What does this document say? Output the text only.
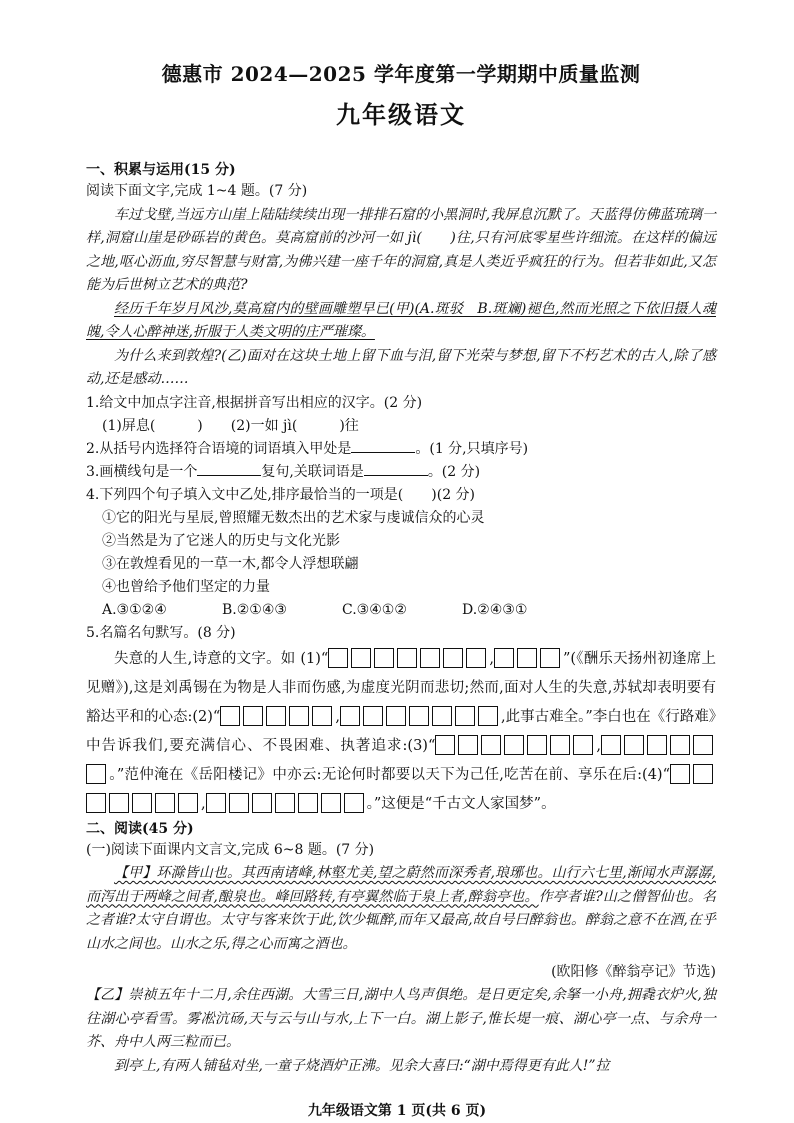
德惠市 2024—2025 学年度第一学期期中质量监测
九年级语文

一、积累与运用(15 分)

阅读下面文字,完成 1~4 题。(7 分)

车过戈壁,当远方山崖上陆陆续续出现一排排石窟的小黑洞时,我屏息沉默了。天蓝得仿佛蓝琉璃一样,洞窟山崖是砂砾岩的黄色。莫高窟前的沙河一如 jì(　　)往,只有河底零星些许细流。在这样的偏远之地,呕心沥血,穷尽智慧与财富,为佛兴建一座千年的洞窟,真是人类近乎疯狂的行为。但若非如此,又怎能为后世树立艺术的典范?

经历千年岁月风沙,莫高窟内的壁画雕塑早已(甲)(A.斑驳　B.斑斓)褪色,然而光照之下依旧摄人魂魄,令人心醉神迷,折服于人类文明的庄严璀璨。

为什么来到敦煌?(乙)面对在这块土地上留下血与泪,留下光荣与梦想,留下不朽艺术的古人,除了感动,还是感动……

1.给文中加点字注音,根据拼音写出相应的汉字。(2 分)

(1)屏息(　　　)　　(2)一如 jì(　　　)往

2.从括号内选择符合语境的词语填入甲处是	。(1 分,只填序号)

3.画横线句是一个	复句,关联词语是	。(2 分)

4.下列四个句子填入文中乙处,排序最恰当的一项是(　　)(2 分)

①它的阳光与星辰,曾照耀无数杰出的艺术家与虔诚信众的心灵

②当然是为了它迷人的历史与文化光影

③在敦煌看见的一草一木,都令人浮想联翩

④也曾给予他们坚定的力量

A.③①②④	B.②①④③	C.③④①②	D.②④③①

5.名篇名句默写。(8 分)

失意的人生,诗意的文字。如 (1)“	,	”(《酬乐天扬州初逢席上见赠》),这是刘禹锡在为物是人非而伤感,为虚度光阴而悲切;然而,面对人生的失意,苏轼却表明要有豁达平和的心态:(2)“	,	,此事古难全。”李白也在《行路难》中告诉我们,要充满信心、不畏困难、执著追求:(3)“	,。”范仲淹在《岳阳楼记》中亦云:无论何时都要以天下为己任,吃苦在前、享乐在后:(4)“,	。”这便是“千古文人家国梦”。

二、阅读(45 分)

(一)阅读下面课内文言文,完成 6~8 题。(7 分)

【甲】环滁皆山也。其西南诸峰,林壑尤美,望之蔚然而深秀者,琅琊也。山行六七里,渐闻水声潺潺,而泻出于两峰之间者,酿泉也。峰回路转,有亭翼然临于泉上者,醉翁亭也。作亭者谁?山之僧智仙也。名之者谁?太守自谓也。太守与客来饮于此,饮少辄醉,而年又最高,故自号曰醉翁也。醉翁之意不在酒,在乎山水之间也。山水之乐,得之心而寓之酒也。

(欧阳修《醉翁亭记》节选)

【乙】崇祯五年十二月,余住西湖。大雪三日,湖中人鸟声俱绝。是日更定矣,余拏一小舟,拥毳衣炉火,独往湖心亭看雪。雾凇沆砀,天与云与山与水,上下一白。湖上影子,惟长堤一痕、湖心亭一点、与余舟一芥、舟中人两三粒而已。

到亭上,有两人铺毡对坐,一童子烧酒炉正沸。见余大喜曰:“湖中焉得更有此人!”拉

九年级语文第 1 页(共 6 页)
